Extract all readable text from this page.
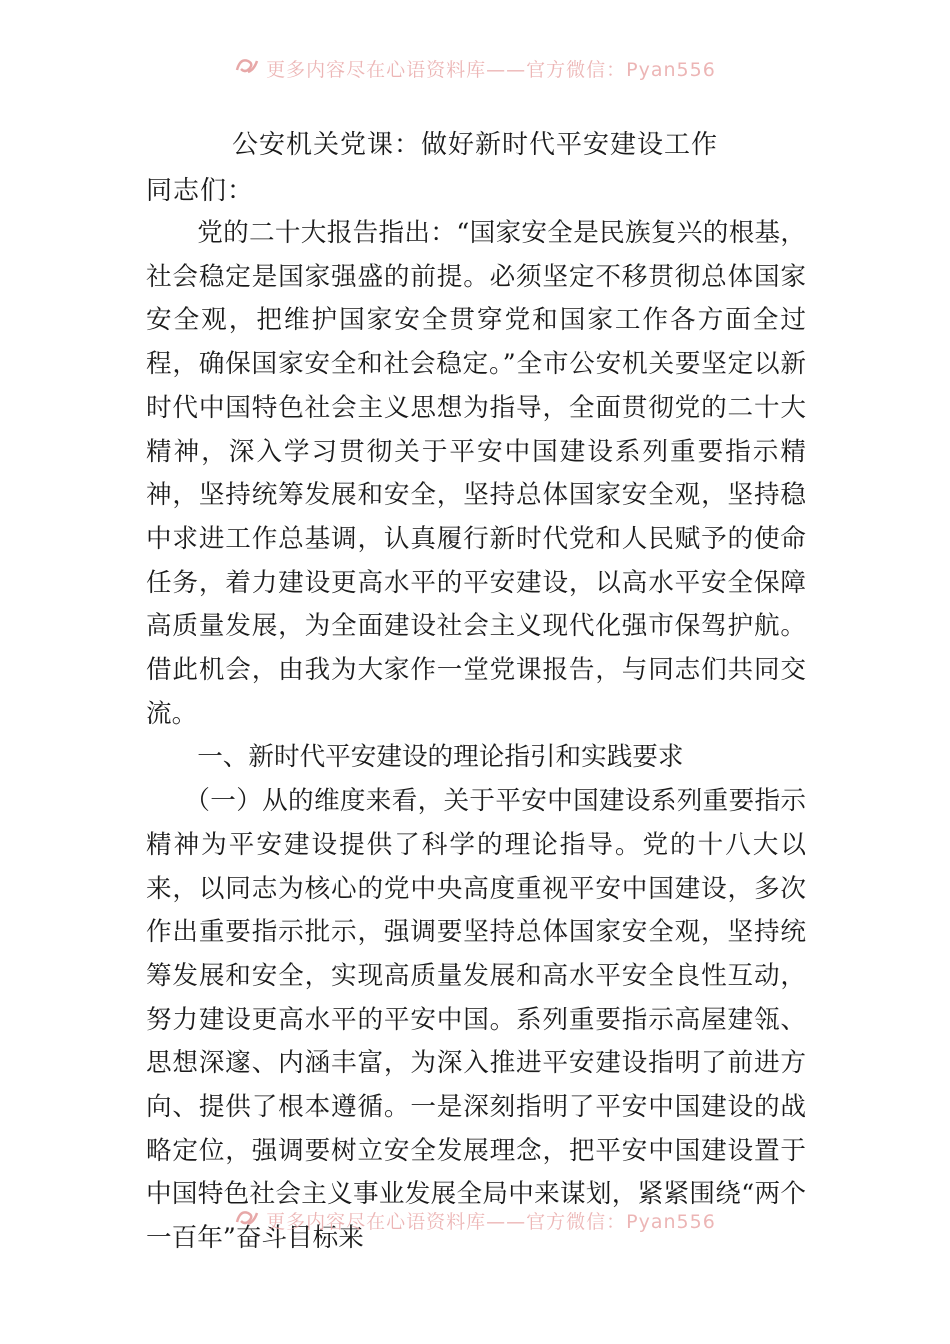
更多内容尽在心语资料库——官方微信：Pyan556
公安机关党课：做好新时代平安建设工作
同志们：

党的二十大报告指出：“国家安全是民族复兴的根基，社会稳定是国家强盛的前提。必须坚定不移贯彻总体国家安全观，把维护国家安全贯穿党和国家工作各方面全过程，确保国家安全和社会稳定。”全市公安机关要坚定以新时代中国特色社会主义思想为指导，全面贯彻党的二十大精神，深入学习贯彻关于平安中国建设系列重要指示精神，坚持统筹发展和安全，坚持总体国家安全观，坚持稳中求进工作总基调，认真履行新时代党和人民赋予的使命任务，着力建设更高水平的平安建设，以高水平安全保障高质量发展，为全面建设社会主义现代化强市保驾护航。借此机会，由我为大家作一堂党课报告，与同志们共同交流。

一、新时代平安建设的理论指引和实践要求

（一）从的维度来看，关于平安中国建设系列重要指示精神为平安建设提供了科学的理论指导。党的十八大以来，以同志为核心的党中央高度重视平安中国建设，多次作出重要指示批示，强调要坚持总体国家安全观，坚持统筹发展和安全，实现高质量发展和高水平安全良性互动，努力建设更高水平的平安中国。系列重要指示高屋建瓴、思想深邃、内涵丰富，为深入推进平安建设指明了前进方向、提供了根本遵循。一是深刻指明了平安中国建设的战略定位，强调要树立安全发展理念，把平安中国建设置于中国特色社会主义事业发展全局中来谋划，紧紧围绕“两个一百年”奋斗目标来

更多内容尽在心语资料库——官方微信：Pyan556
